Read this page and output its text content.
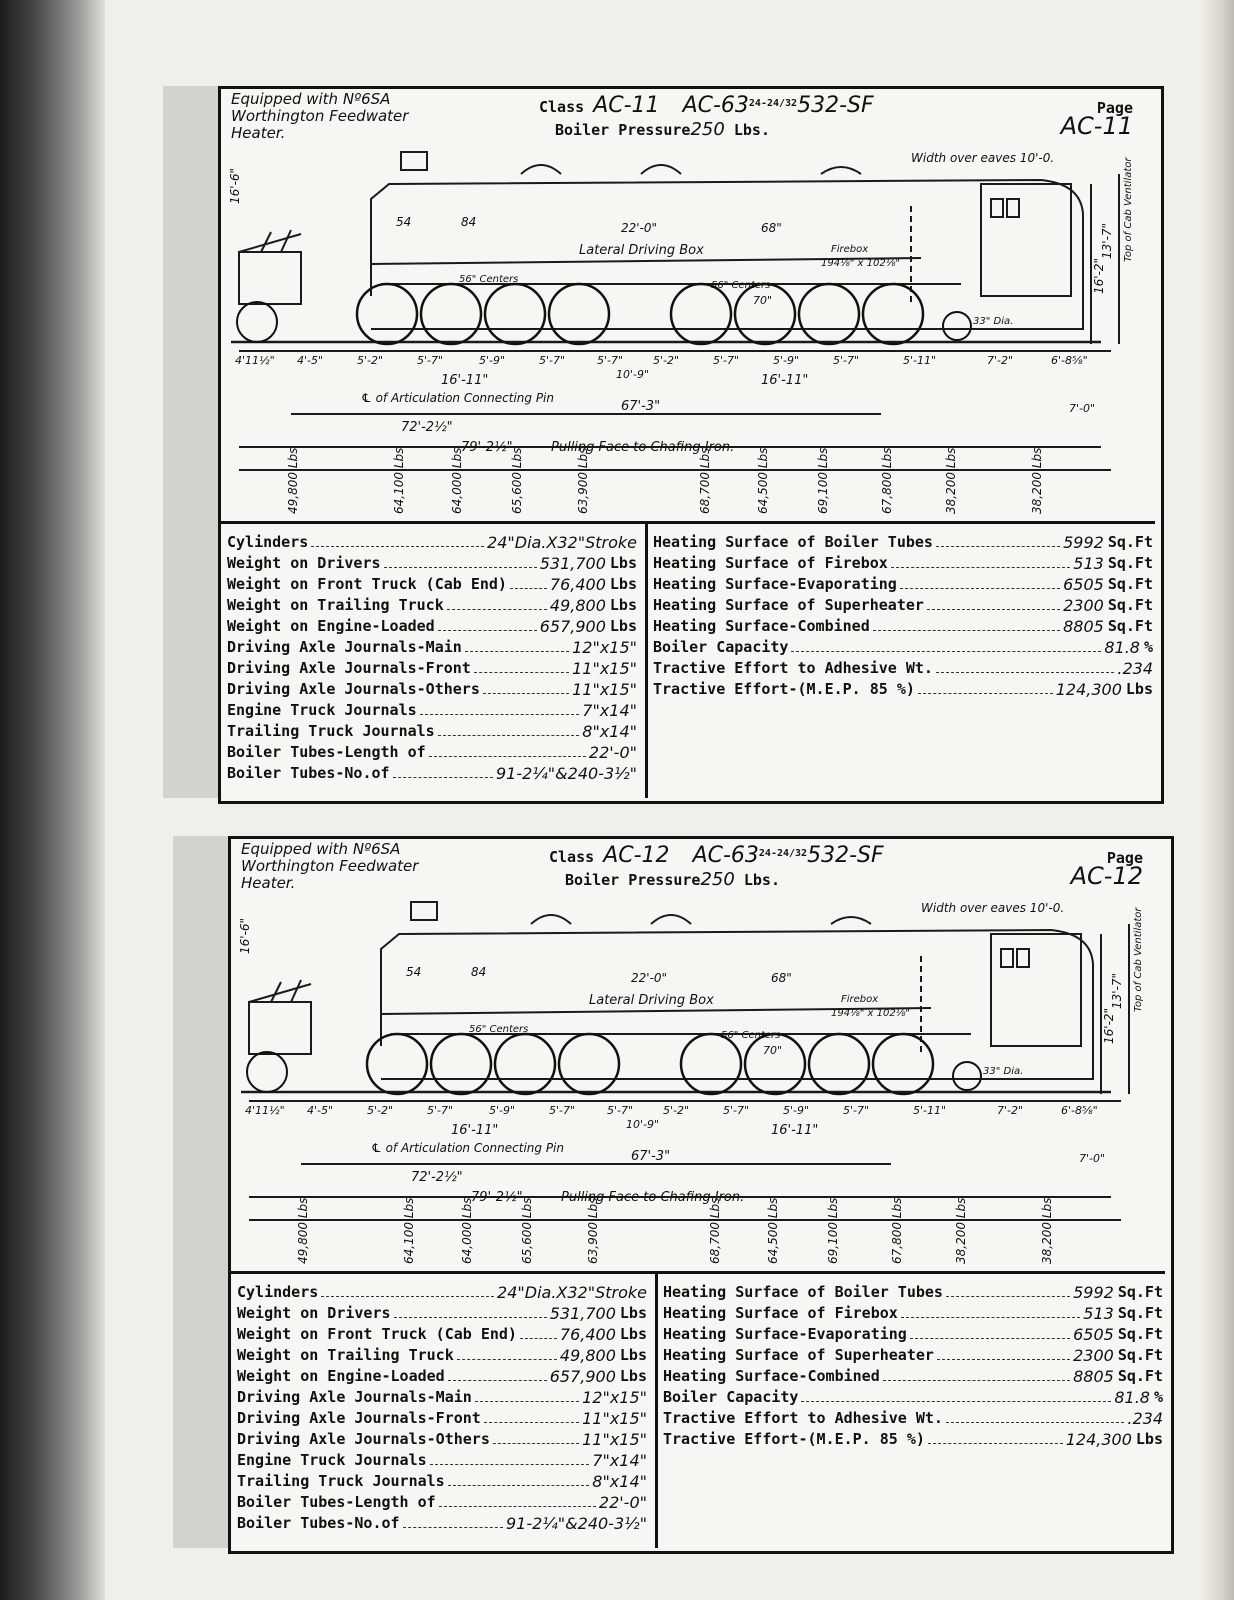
Equipped with Nº6SA
Worthington Feedwater
Heater.
Class AC-11 $AC-63^{24-24/32}532-SF$
Boiler Pressure250 Lbs.
Page
AC-11
Width over eaves 10'-0.
16'-6"
16'-2"
13'-7" Top of Cab Ventilator
54	84	22'-0"	68"
Lateral Driving Box
56" Centers
56" Centers
Firebox
194⅛" x 102⅛"
33" Dia.
70"
4'11½" 4'-5"	5'-2"	5'-7"	5'-9"	5'-7"	5'-7"	5'-2"	5'-7"	5'-9"	5'-7"	5'-11"	7'-2"	6'-8⅝"
16'-11"	16'-11"
10'-9"
℄ of Articulation Connecting Pin
67'-3"	7'-0"
72'-2½"
79'-2½"	Pulling Face to Chafing Iron.
49,800 Lbs	64,100 Lbs	64,000 Lbs	65,600 Lbs	63,900 Lbs	68,700 Lbs	64,500 Lbs	69,100 Lbs	67,800 Lbs	38,200 Lbs	38,200 Lbs
Cylinders	24"Dia.X32"Stroke
Weight on Drivers	531,700 Lbs
Weight on Front Truck (Cab End)	76,400 Lbs
Weight on Trailing Truck	49,800 Lbs
Weight on Engine-Loaded	657,900 Lbs
Driving Axle Journals-Main	12"x15"
Driving Axle Journals-Front	11"x15"
Driving Axle Journals-Others	11"x15"
Engine Truck Journals	7"x14"
Trailing Truck Journals	8"x14"
Boiler Tubes-Length of	22'-0"
Boiler Tubes-No.of	91-2¼"&240-3½"
Heating Surface of Boiler Tubes	5992 Sq.Ft
Heating Surface of Firebox	513 Sq.Ft
Heating Surface-Evaporating	6505 Sq.Ft
Heating Surface of Superheater	2300 Sq.Ft
Heating Surface-Combined	8805 Sq.Ft
Boiler Capacity	81.8 %
Tractive Effort to Adhesive Wt.	.234
Tractive Effort-(M.E.P. 85 %)	124,300 Lbs
Equipped with Nº6SA
Worthington Feedwater
Heater.
Class AC-12 $AC-63^{24-24/32}532-SF$
Boiler Pressure250 Lbs.
Page
AC-12
Width over eaves 10'-0.
16'-6"
16'-2"
13'-7" Top of Cab Ventilator
54	84	22'-0"	68"
Lateral Driving Box
56" Centers
56" Centers
Firebox
194⅛" x 102⅛"
33" Dia.
70"
4'11½" 4'-5"	5'-2"	5'-7"	5'-9"	5'-7"	5'-7"	5'-2"	5'-7"	5'-9"	5'-7"	5'-11"	7'-2"	6'-8⅝"
16'-11"	16'-11"
10'-9"
℄ of Articulation Connecting Pin
67'-3"	7'-0"
72'-2½"
79'-2½"	Pulling Face to Chafing Iron.
49,800 Lbs	64,100 Lbs	64,000 Lbs	65,600 Lbs	63,900 Lbs	68,700 Lbs	64,500 Lbs	69,100 Lbs	67,800 Lbs	38,200 Lbs	38,200 Lbs
Cylinders	24"Dia.X32"Stroke
Weight on Drivers	531,700 Lbs
Weight on Front Truck (Cab End)	76,400 Lbs
Weight on Trailing Truck	49,800 Lbs
Weight on Engine-Loaded	657,900 Lbs
Driving Axle Journals-Main	12"x15"
Driving Axle Journals-Front	11"x15"
Driving Axle Journals-Others	11"x15"
Engine Truck Journals	7"x14"
Trailing Truck Journals	8"x14"
Boiler Tubes-Length of	22'-0"
Boiler Tubes-No.of	91-2¼"&240-3½"
Heating Surface of Boiler Tubes	5992 Sq.Ft
Heating Surface of Firebox	513 Sq.Ft
Heating Surface-Evaporating	6505 Sq.Ft
Heating Surface of Superheater	2300 Sq.Ft
Heating Surface-Combined	8805 Sq.Ft
Boiler Capacity	81.8 %
Tractive Effort to Adhesive Wt.	.234
Tractive Effort-(M.E.P. 85 %)	124,300 Lbs
